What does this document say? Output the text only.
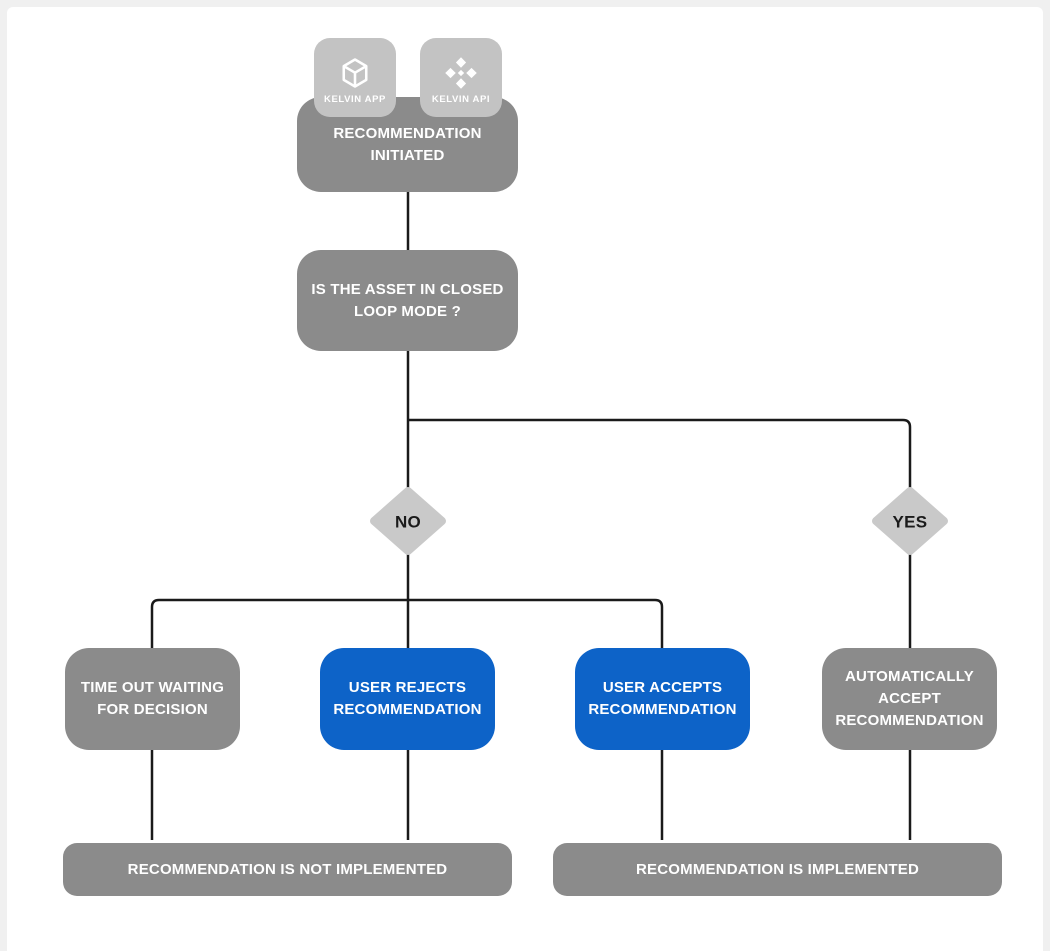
NO	YES
RECOMMENDATION INITIATED
KELVIN APP	KELVIN API
IS THE ASSET IN CLOSED LOOP MODE ?
TIME OUT WAITING FOR DECISION
USER REJECTS RECOMMENDATION
USER ACCEPTS RECOMMENDATION
AUTOMATICALLY ACCEPT RECOMMENDATION
RECOMMENDATION IS NOT IMPLEMENTED	RECOMMENDATION IS IMPLEMENTED
